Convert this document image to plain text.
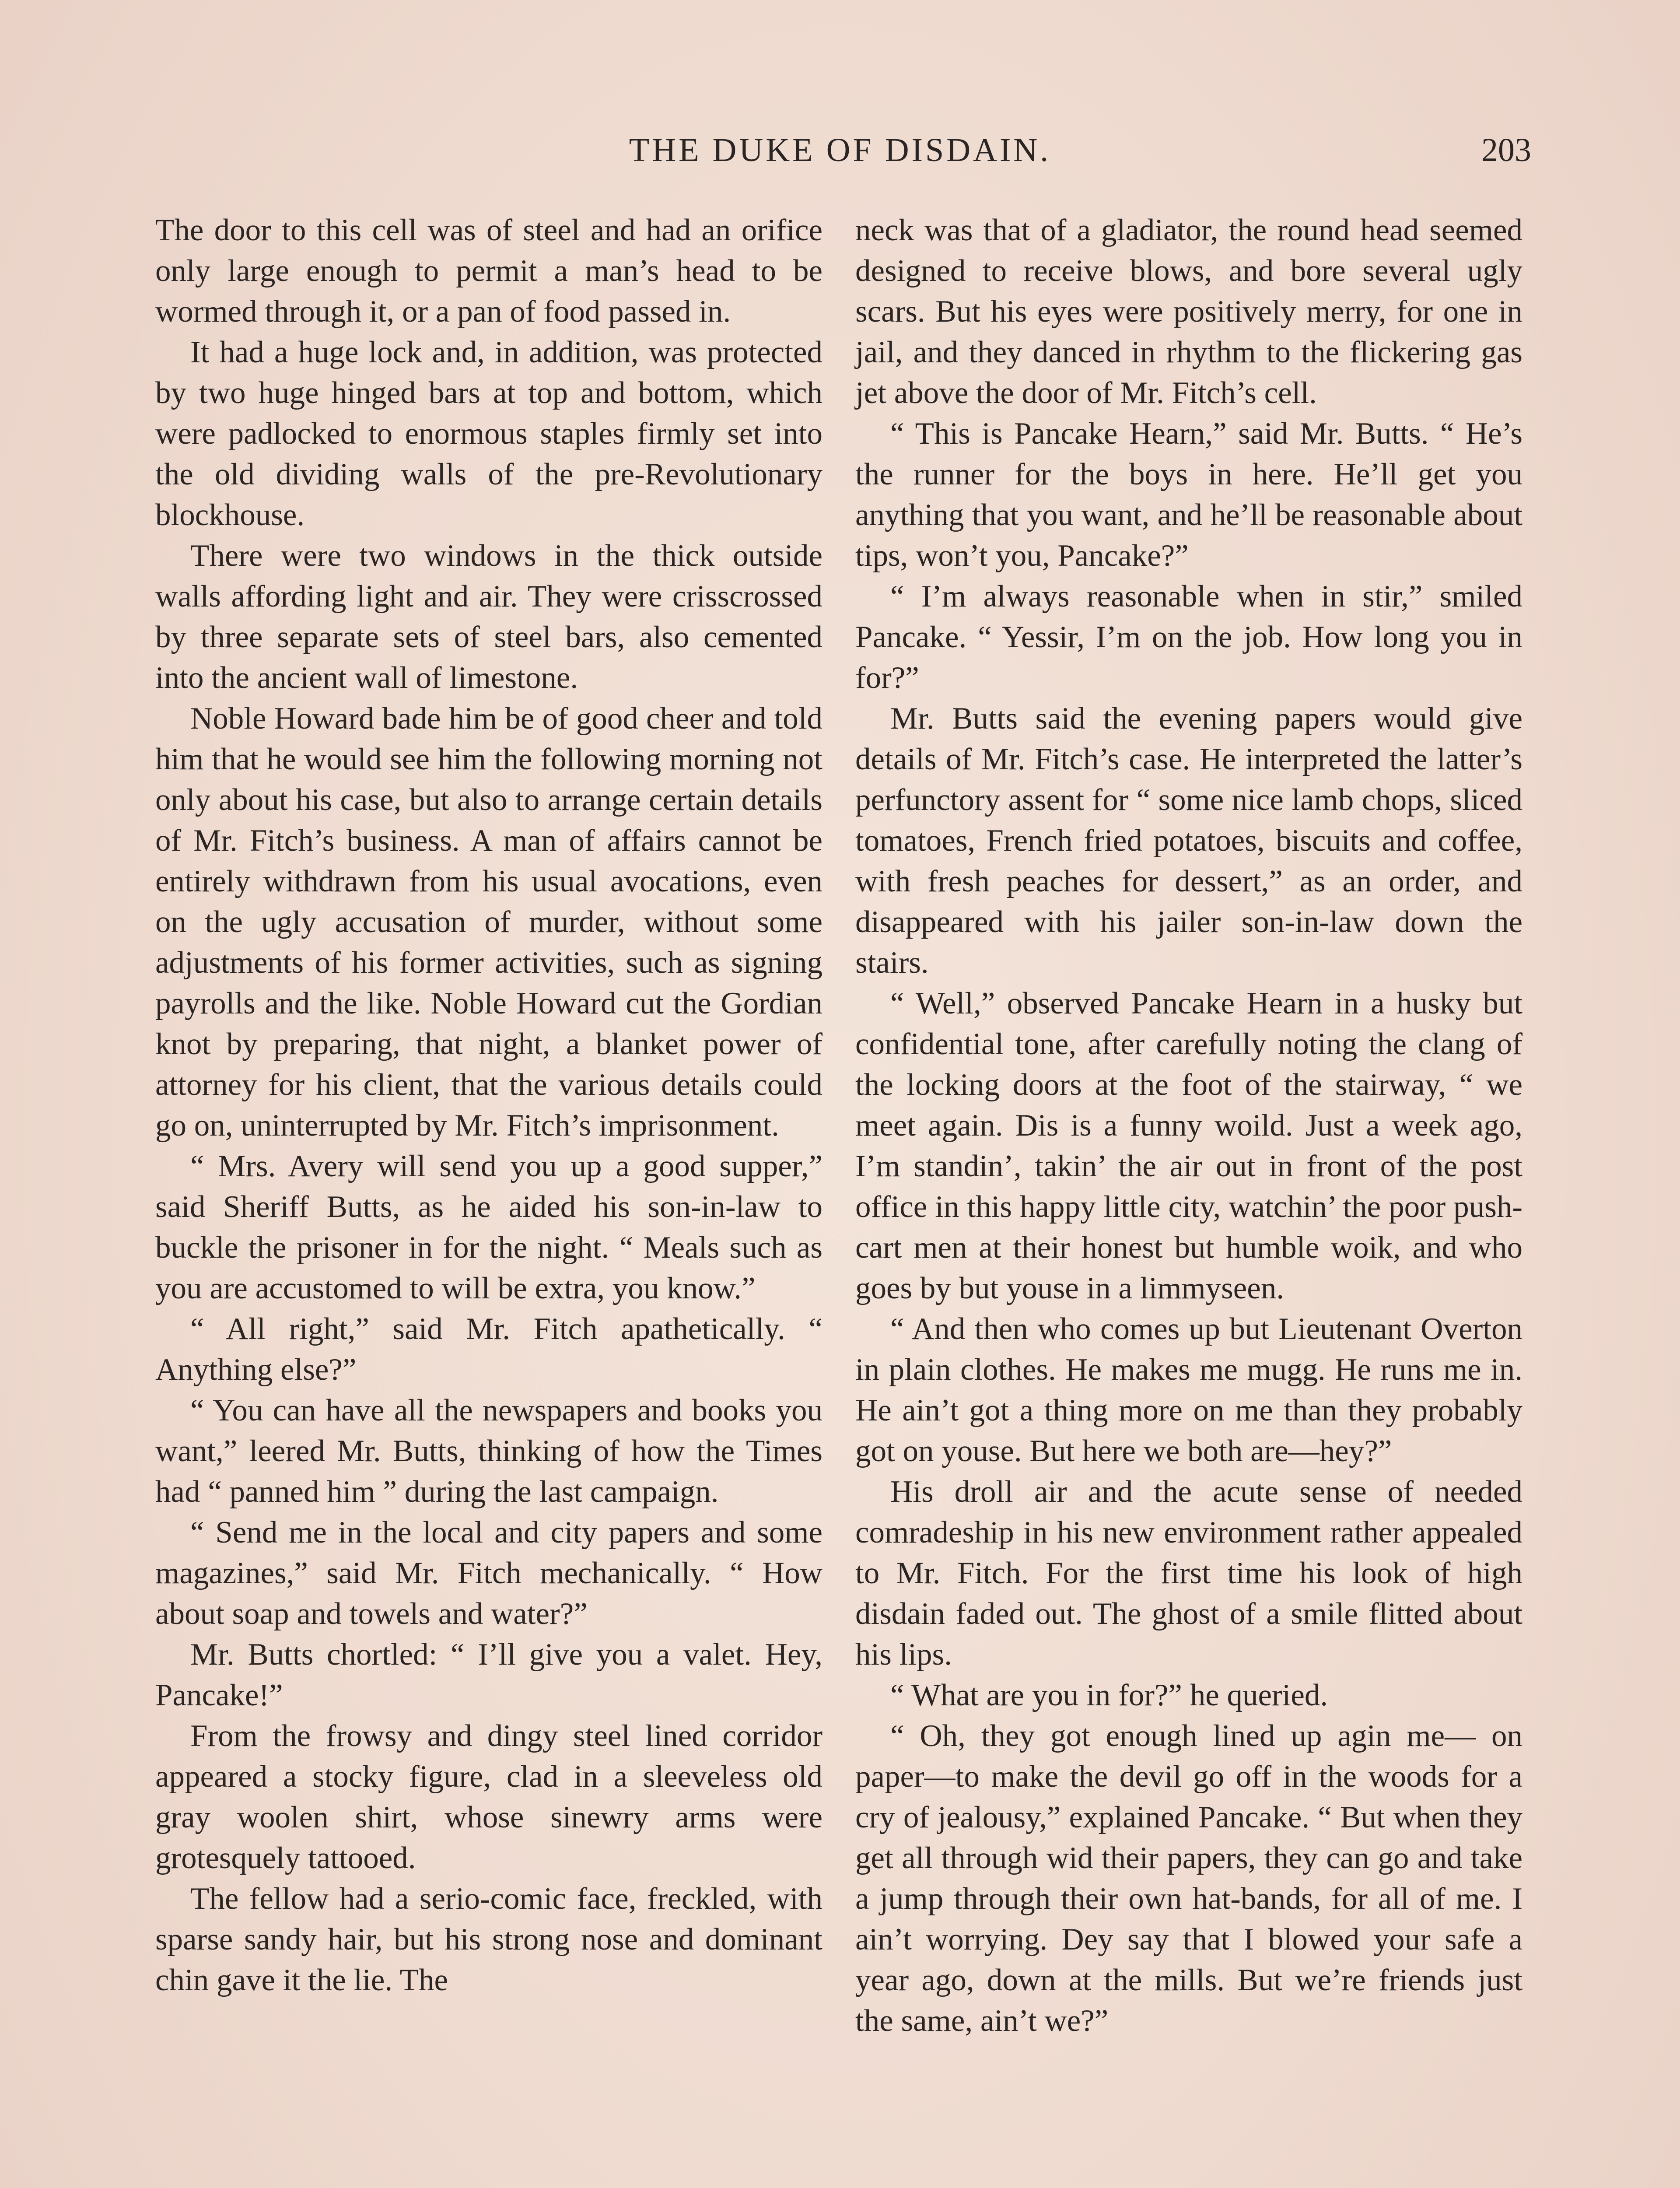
THE DUKE OF DISDAIN.	203

The door to this cell was of steel and had an orifice only large enough to permit a man’s head to be wormed through it, or a pan of food passed in.

It had a huge lock and, in addition, was protected by two huge hinged bars at top and bottom, which were padlocked to enormous staples firmly set into the old dividing walls of the pre-Revolutionary blockhouse.

There were two windows in the thick outside walls affording light and air. They were crisscrossed by three separate sets of steel bars, also cemented into the ancient wall of limestone.

Noble Howard bade him be of good cheer and told him that he would see him the following morning not only about his case, but also to arrange certain details of Mr. Fitch’s business. A man of affairs cannot be entirely withdrawn from his usual avocations, even on the ugly accusation of murder, without some adjustments of his former activities, such as signing payrolls and the like. Noble Howard cut the Gordian knot by preparing, that night, a blanket power of attorney for his client, that the various details could go on, uninterrupted by Mr. Fitch’s imprisonment.

“ Mrs. Avery will send you up a good supper,” said Sheriff Butts, as he aided his son-in-law to buckle the prisoner in for the night. “ Meals such as you are accustomed to will be extra, you know.”

“ All right,” said Mr. Fitch apathetically. “ Anything else?”

“ You can have all the newspapers and books you want,” leered Mr. Butts, thinking of how the Times had “ panned him ” during the last campaign.

“ Send me in the local and city papers and some magazines,” said Mr. Fitch mechanically. “ How about soap and towels and water?”

Mr. Butts chortled: “ I’ll give you a valet. Hey, Pancake!”

From the frowsy and dingy steel lined corridor appeared a stocky figure, clad in a sleeveless old gray woolen shirt, whose sinewry arms were grotesquely tattooed.

The fellow had a serio-comic face, freckled, with sparse sandy hair, but his strong nose and dominant chin gave it the lie. The

neck was that of a gladiator, the round head seemed designed to receive blows, and bore several ugly scars. But his eyes were positively merry, for one in jail, and they danced in rhythm to the flickering gas jet above the door of Mr. Fitch’s cell.

“ This is Pancake Hearn,” said Mr. Butts. “ He’s the runner for the boys in here. He’ll get you anything that you want, and he’ll be reasonable about tips, won’t you, Pancake?”

“ I’m always reasonable when in stir,” smiled Pancake. “ Yessir, I’m on the job. How long you in for?”

Mr. Butts said the evening papers would give details of Mr. Fitch’s case. He interpreted the latter’s perfunctory assent for “ some nice lamb chops, sliced tomatoes, French fried potatoes, biscuits and coffee, with fresh peaches for dessert,” as an order, and disappeared with his jailer son-in-law down the stairs.

“ Well,” observed Pancake Hearn in a husky but confidential tone, after carefully noting the clang of the locking doors at the foot of the stairway, “ we meet again. Dis is a funny woild. Just a week ago, I’m standin’, takin’ the air out in front of the post office in this happy little city, watchin’ the poor push-cart men at their honest but humble woik, and who goes by but youse in a limmyseen.

“ And then who comes up but Lieutenant Overton in plain clothes. He makes me mugg. He runs me in. He ain’t got a thing more on me than they probably got on youse. But here we both are—hey?”

His droll air and the acute sense of needed comradeship in his new environment rather appealed to Mr. Fitch. For the first time his look of high disdain faded out. The ghost of a smile flitted about his lips.

“ What are you in for?” he queried.

“ Oh, they got enough lined up agin me— on paper—to make the devil go off in the woods for a cry of jealousy,” explained Pancake. “ But when they get all through wid their papers, they can go and take a jump through their own hat-bands, for all of me. I ain’t worrying. Dey say that I blowed your safe a year ago, down at the mills. But we’re friends just the same, ain’t we?”
